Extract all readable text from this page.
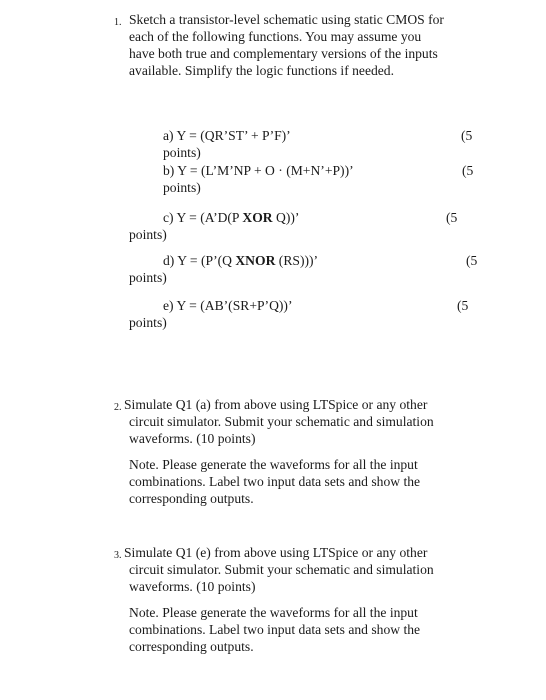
1. Sketch a transistor-level schematic using static CMOS for
each of the following functions. You may assume you
have both true and complementary versions of the inputs
available. Simplify the logic functions if needed.
a) Y = (QR’ST’ + P’F)’	(5
points)
b) Y = (L’M’NP + O · (M+N’+P))’	(5
points)
c) Y = (A’D(P XOR Q))’	(5
points)
d) Y = (P’(Q XNOR (RS)))’	(5
points)
e) Y = (AB’(SR+P’Q))’	(5
points)
2. Simulate Q1 (a) from above using LTSpice or any other
circuit simulator. Submit your schematic and simulation
waveforms. (10 points)
Note. Please generate the waveforms for all the input
combinations. Label two input data sets and show the
corresponding outputs.
3. Simulate Q1 (e) from above using LTSpice or any other
circuit simulator. Submit your schematic and simulation
waveforms. (10 points)
Note. Please generate the waveforms for all the input
combinations. Label two input data sets and show the
corresponding outputs.
